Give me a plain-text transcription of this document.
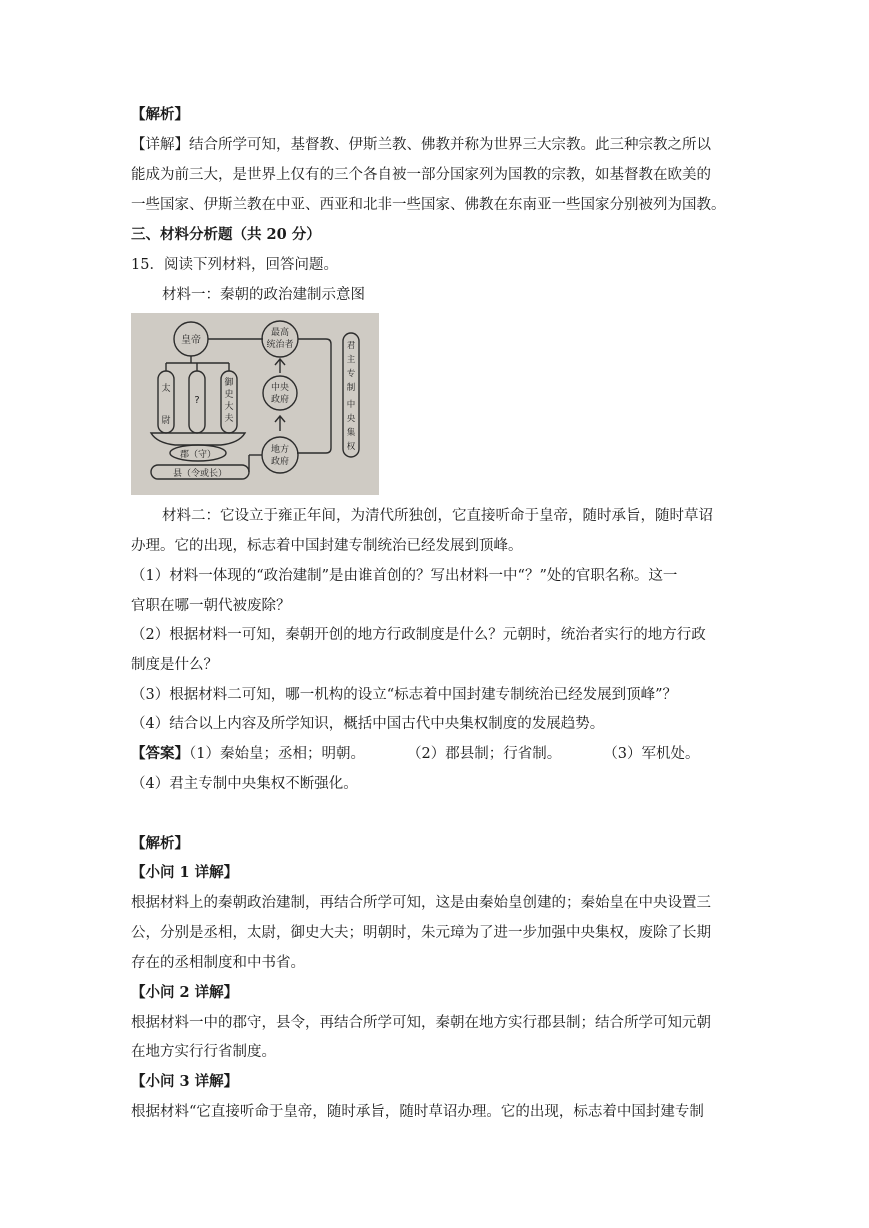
【解析】
【详解】结合所学可知，基督教、伊斯兰教、佛教并称为世界三大宗教。此三种宗教之所以
能成为前三大，是世界上仅有的三个各自被一部分国家列为国教的宗教，如基督教在欧美的
一些国家、伊斯兰教在中亚、西亚和北非一些国家、佛教在东南亚一些国家分别被列为国教。
三、材料分析题（共 20 分）
15．阅读下列材料，回答问题。
材料一：秦朝的政治建制示意图
皇帝
最高
统治者
中央
政府
地方
政府
太
尉
?
御
史
大
夫
郡（守）
县（令或长）
君
主
专
制
中
央
集
权
材料二：它设立于雍正年间，为清代所独创，它直接听命于皇帝，随时承旨，随时草诏
办理。它的出现，标志着中国封建专制统治已经发展到顶峰。
（1）材料一体现的“政治建制”是由谁首创的？写出材料一中“？”处的官职名称。这一
官职在哪一朝代被废除？
（2）根据材料一可知，秦朝开创的地方行政制度是什么？元朝时，统治者实行的地方行政
制度是什么？
（3）根据材料二可知，哪一机构的设立“标志着中国封建专制统治已经发展到顶峰”？
（4）结合以上内容及所学知识，概括中国古代中央集权制度的发展趋势。
【答案】（1）秦始皇；丞相；明朝。	（2）郡县制；行省制。	（3）军机处。
（4）君主专制中央集权不断强化。
【解析】
【小问 1 详解】
根据材料上的秦朝政治建制，再结合所学可知，这是由秦始皇创建的；秦始皇在中央设置三
公，分别是丞相，太尉，御史大夫；明朝时，朱元璋为了进一步加强中央集权，废除了长期
存在的丞相制度和中书省。
【小问 2 详解】
根据材料一中的郡守，县令，再结合所学可知，秦朝在地方实行郡县制；结合所学可知元朝
在地方实行行省制度。
【小问 3 详解】
根据材料“它直接听命于皇帝，随时承旨，随时草诏办理。它的出现，标志着中国封建专制
